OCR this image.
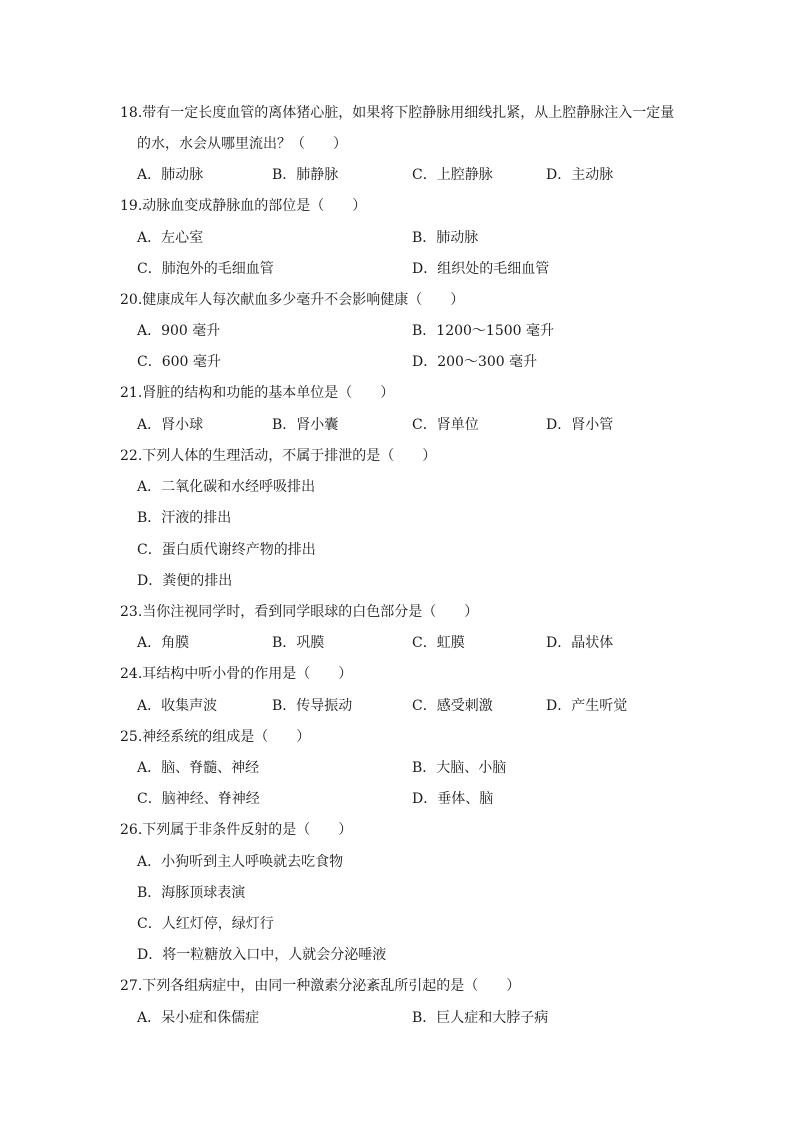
18.带有一定长度血管的离体猪心脏，如果将下腔静脉用细线扎紧，从上腔静脉注入一定量
的水，水会从哪里流出？（　　）
A．肺动脉	B．肺静脉	C．上腔静脉	D．主动脉
19.动脉血变成静脉血的部位是（　　）
A．左心室	B．肺动脉
C．肺泡外的毛细血管	D．组织处的毛细血管
20.健康成年人每次献血多少毫升不会影响健康（　　）
A．900 毫升	B．1200～1500 毫升
C．600 毫升	D．200～300 毫升
21.肾脏的结构和功能的基本单位是（　　）
A．肾小球	B．肾小囊	C．肾单位	D．肾小管
22.下列人体的生理活动，不属于排泄的是（　　）
A．二氧化碳和水经呼吸排出
B．汗液的排出
C．蛋白质代谢终产物的排出
D．粪便的排出
23.当你注视同学时，看到同学眼球的白色部分是（　　）
A．角膜	B．巩膜	C．虹膜	D．晶状体
24.耳结构中听小骨的作用是（　　）
A．收集声波	B．传导振动	C．感受刺激	D．产生听觉
25.神经系统的组成是（　　）
A．脑、脊髓、神经	B．大脑、小脑
C．脑神经、脊神经	D．垂体、脑
26.下列属于非条件反射的是（　　）
A．小狗听到主人呼唤就去吃食物
B．海豚顶球表演
C．人红灯停，绿灯行
D．将一粒糖放入口中，人就会分泌唾液
27.下列各组病症中，由同一种激素分泌紊乱所引起的是（　　）
A．呆小症和侏儒症	B．巨人症和大脖子病
